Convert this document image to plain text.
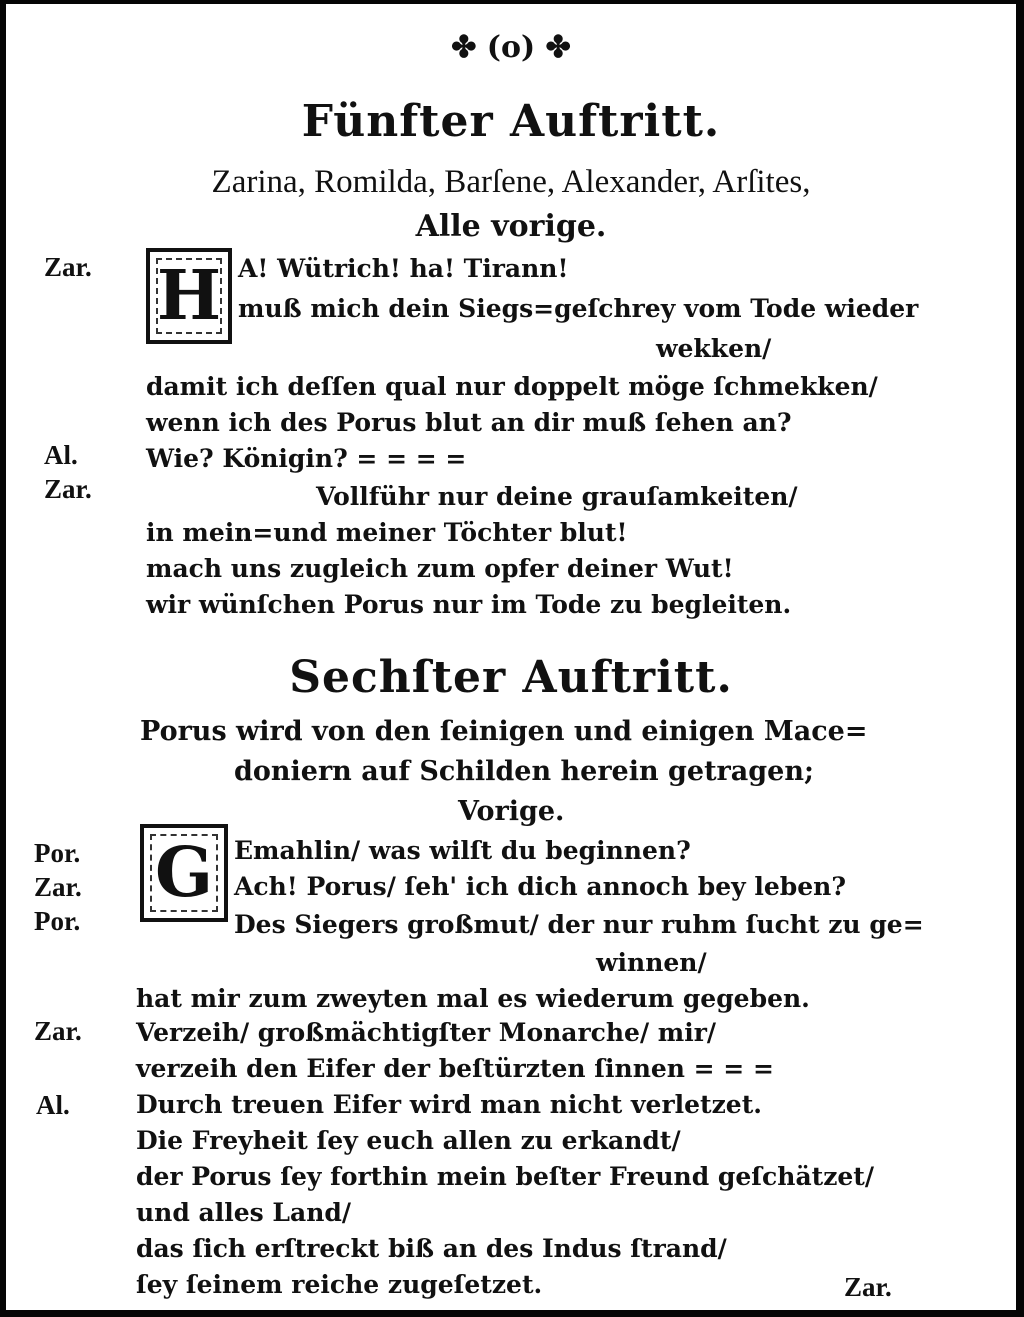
✤ (o) ✤
Fünfter Auftritt.
Zarina, Romilda, Barſene, Alexander, Arſites,
Alle vorige.
Zar. H A! Wütrich! ha! Tirann!
muß mich dein Siegs=geſchrey vom Tode wieder
wekken/
damit ich deſſen qual nur doppelt möge ſchmekken/
wenn ich des Porus blut an dir muß ſehen an?
Al.	Wie? Königin? = = = =
Zar.	Vollführ nur deine grauſamkeiten/
in mein=und meiner Töchter blut!
mach uns zugleich zum opfer deiner Wut!
wir wünſchen Porus nur im Tode zu begleiten.
Sechſter Auftritt.
Porus wird von den ſeinigen und einigen Mace=
doniern auf Schilden herein getragen;
Vorige.
Por. G Emahlin/ was wilſt du beginnen?
Zar.	Ach! Porus/ ſeh' ich dich annoch bey leben?
Por.	Des Siegers großmut/ der nur ruhm ſucht zu ge=
winnen/
hat mir zum zweyten mal es wiederum gegeben.
Zar. Verzeih/ großmächtigſter Monarche/ mir/
verzeih den Eifer der beſtürzten ſinnen = = =
Al.	Durch treuen Eifer wird man nicht verletzet.
Die Freyheit ſey euch allen zu erkandt/
der Porus ſey forthin mein beſter Freund geſchätzet/
und alles Land/
das ſich erſtreckt biß an des Indus ſtrand/
ſey ſeinem reiche zugeſetzet.	Zar.
